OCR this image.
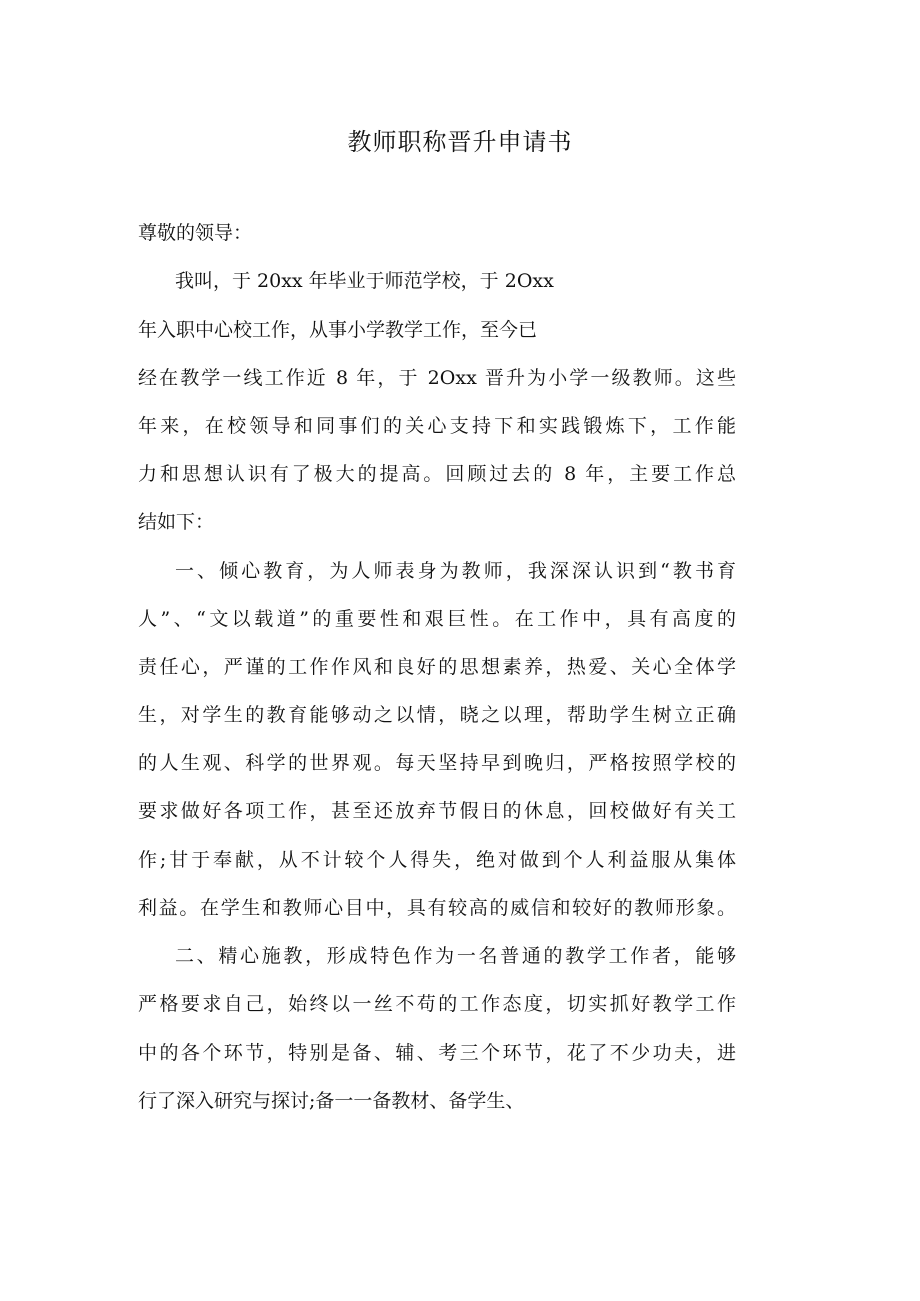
教师职称晋升申请书
尊敬的领导：
我叫，于 20xx 年毕业于师范学校，于 2Oxx
年入职中心校工作，从事小学教学工作，至今已
经在教学一线工作近 8 年，于 2Oxx 晋升为小学一级教师。这些
年来，在校领导和同事们的关心支持下和实践锻炼下，工作能
力和思想认识有了极大的提高。回顾过去的 8 年，主要工作总
结如下：
一、倾心教育，为人师表身为教师，我深深认识到“教书育
人”、“文以载道”的重要性和艰巨性。在工作中，具有高度的
责任心，严谨的工作作风和良好的思想素养，热爱、关心全体学
生，对学生的教育能够动之以情，晓之以理，帮助学生树立正确
的人生观、科学的世界观。每天坚持早到晚归，严格按照学校的
要求做好各项工作，甚至还放弃节假日的休息，回校做好有关工
作;甘于奉献，从不计较个人得失，绝对做到个人利益服从集体
利益。在学生和教师心目中，具有较高的威信和较好的教师形象。
二、精心施教，形成特色作为一名普通的教学工作者，能够
严格要求自己，始终以一丝不苟的工作态度，切实抓好教学工作
中的各个环节，特别是备、辅、考三个环节，花了不少功夫，进
行了深入研究与探讨;备一一备教材、备学生、
